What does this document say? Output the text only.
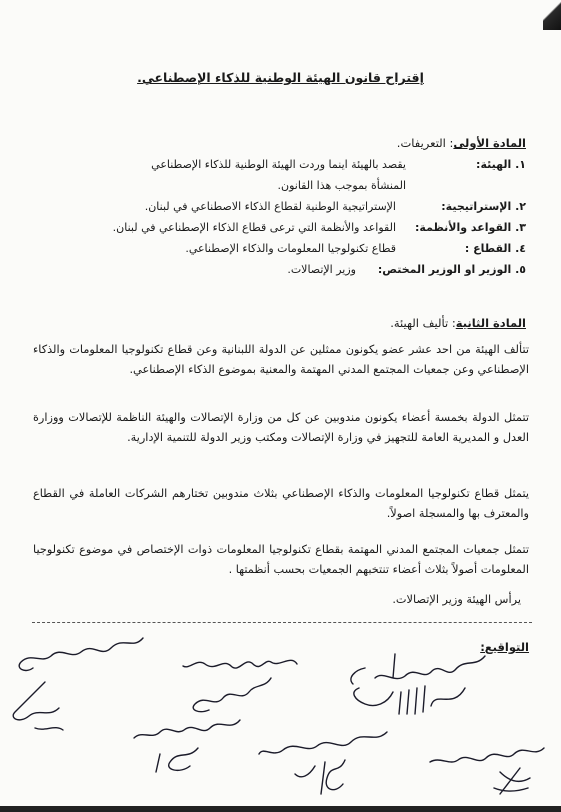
إقتراح قانون الهيئة الوطنية للذكاء الإصطناعي.
المادة الأولى: التعريفات.
١. الهيئة:
يقصد بالهيئة اينما وردت الهيئة الوطنية للذكاء الإصطناعي
المنشأة بموجب هذا القانون.
٢. الإستراتيجية:
الإستراتيجية الوطنية لقطاع الذكاء الاصطناعي في لبنان.
٣. القواعد والأنظمة:
القواعد والأنظمة التي ترعى قطاع الذكاء الإصطناعي في لبنان.
٤. القطاع :
قطاع تكنولوجيا المعلومات والذكاء الإصطناعي.
٥. الوزير او الوزير المختص:
وزير الإتصالات.
المادة الثانية: تأليف الهيئة.
تتألف الهيئة من احد عشر عضو يكونون ممثلين عن الدولة اللبنانية وعن قطاع تكنولوجيا المعلومات والذكاء الإصطناعي وعن جمعيات المجتمع المدني المهتمة والمعنية بموضوع الذكاء الإصطناعي.
تتمثل الدولة بخمسة أعضاء يكونون مندوبين عن كل من وزارة الإتصالات والهيئة الناظمة للإتصالات ووزارة العدل و المديرية العامة للتجهيز في وزارة الإتصالات ومكتب وزير الدولة للتنمية الإدارية.
يتمثل قطاع تكنولوجيا المعلومات والذكاء الإصطناعي بثلاث مندوبين تختارهم الشركات العاملة في القطاع والمعترف بها والمسجلة اصولاً.
تتمثل جمعيات المجتمع المدني المهتمة بقطاع تكنولوجيا المعلومات ذوات الإختصاص في موضوع تكنولوجيا المعلومات أصولاً بثلاث أعضاء تنتخبهم الجمعيات بحسب أنظمتها .
يرأس الهيئة وزير الإتصالات.
التواقيع:
